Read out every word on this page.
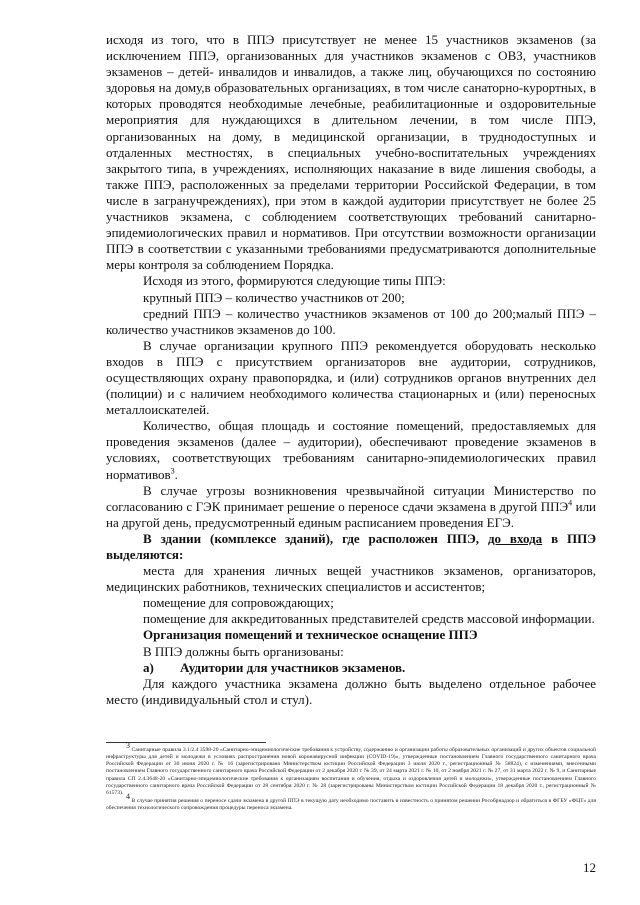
исходя из того, что в ППЭ присутствует не менее 15 участников экзаменов (за исключением ППЭ, организованных для участников экзаменов с ОВЗ, участников экзаменов – детей- инвалидов и инвалидов, а также лиц, обучающихся по состоянию здоровья на дому,в образовательных организациях, в том числе санаторно-курортных, в которых проводятся необходимые лечебные, реабилитационные и оздоровительные мероприятия для нуждающихся в длительном лечении, в том числе ППЭ, организованных на дому, в медицинской организации, в труднодоступных и отдаленных местностях, в специальных учебно-воспитательных учреждениях закрытого типа, в учреждениях, исполняющих наказание в виде лишения свободы, а также ППЭ, расположенных за пределами территории Российской Федерации, в том числе в загранучреждениях), при этом в каждой аудитории присутствует не более 25 участников экзамена, с соблюдением соответствующих требований санитарно-эпидемиологических правил и нормативов. При отсутствии возможности организации ППЭ в соответствии с указанными требованиями предусматриваются дополнительные меры контроля за соблюдением Порядка.

Исходя из этого, формируются следующие типы ППЭ:

крупный ППЭ – количество участников от 200;

средний ППЭ – количество участников экзаменов от 100 до 200;малый ППЭ – количество участников экзаменов до 100.

В случае организации крупного ППЭ рекомендуется оборудовать несколько входов в ППЭ с присутствием организаторов вне аудитории, сотрудников, осуществляющих охрану правопорядка, и (или) сотрудников органов внутренних дел (полиции) и с наличием необходимого количества стационарных и (или) переносных металлоискателей.

Количество, общая площадь и состояние помещений, предоставляемых для проведения экзаменов (далее – аудитории), обеспечивают проведение экзаменов в условиях, соответствующих требованиям санитарно-эпидемиологических правил нормативов$^3$.

В случае угрозы возникновения чрезвычайной ситуации Министерство по согласованию с ГЭК принимает решение о переносе сдачи экзамена в другой ППЭ$^4$ или на другой день, предусмотренный единым расписанием проведения ЕГЭ.

В здании (комплексе зданий), где расположен ППЭ, до входа в ППЭ выделяются:

места для хранения личных вещей участников экзаменов, организаторов, медицинских работников, технических специалистов и ассистентов;

помещение для сопровождающих;

помещение для аккредитованных представителей средств массовой информации.

Организация помещений и техническое оснащение ППЭ

В ППЭ должны быть организованы:

а) Аудитории для участников экзаменов.

Для каждого участника экзамена должно быть выделено отдельное рабочее место (индивидуальный стол и стул).

$^3$ Санитарные правила 3.1/2.4 3598-20 «Санитарно-эпидемиологические требования к устройству, содержанию и организации работы образовательных организаций и других объектов социальной инфраструктуры для детей и молодежи в условиях распространения новой коронавирусной инфекции (COVID-19)», утвержденные постановлением Главного государственного санитарного врача Российской Федерации от 30 июня 2020 г. № 16 (зарегистрировано Министерством юстиции Российской Федерации 3 июля 2020 г., регистрационный № 58824), с изменениями, внесенными постановлением Главного государственного санитарного врача Российской Федерации от 2 декабря 2020 г. № 39, от 24 марта 2021 г. № 10, от 2 ноября 2021 г. № 27, от 31 марта 2022 г. № 9, и Санитарные правила СП 2.4.3648-20 «Санитарно-эпидемиологические требования к организациям воспитания и обучения, отдыха и оздоровления детей и молодежи», утвержденные постановлением Главного государственного санитарного врача Российской Федерации от 28 сентября 2020 г. № 28 (зарегистрированы Министерством юстиции Российской Федерации 18 декабря 2020 г., регистрационный № 61573). $^4$ В случае принятия решения о переносе сдачи экзамена в другой ППЭ в текущую дату необходимо поставить в известность о принятом решении Рособрнадзор и обратиться в ФГБУ «ФЦТ» для обеспечения технологического сопровождения процедуры переноса экзамена.

12
